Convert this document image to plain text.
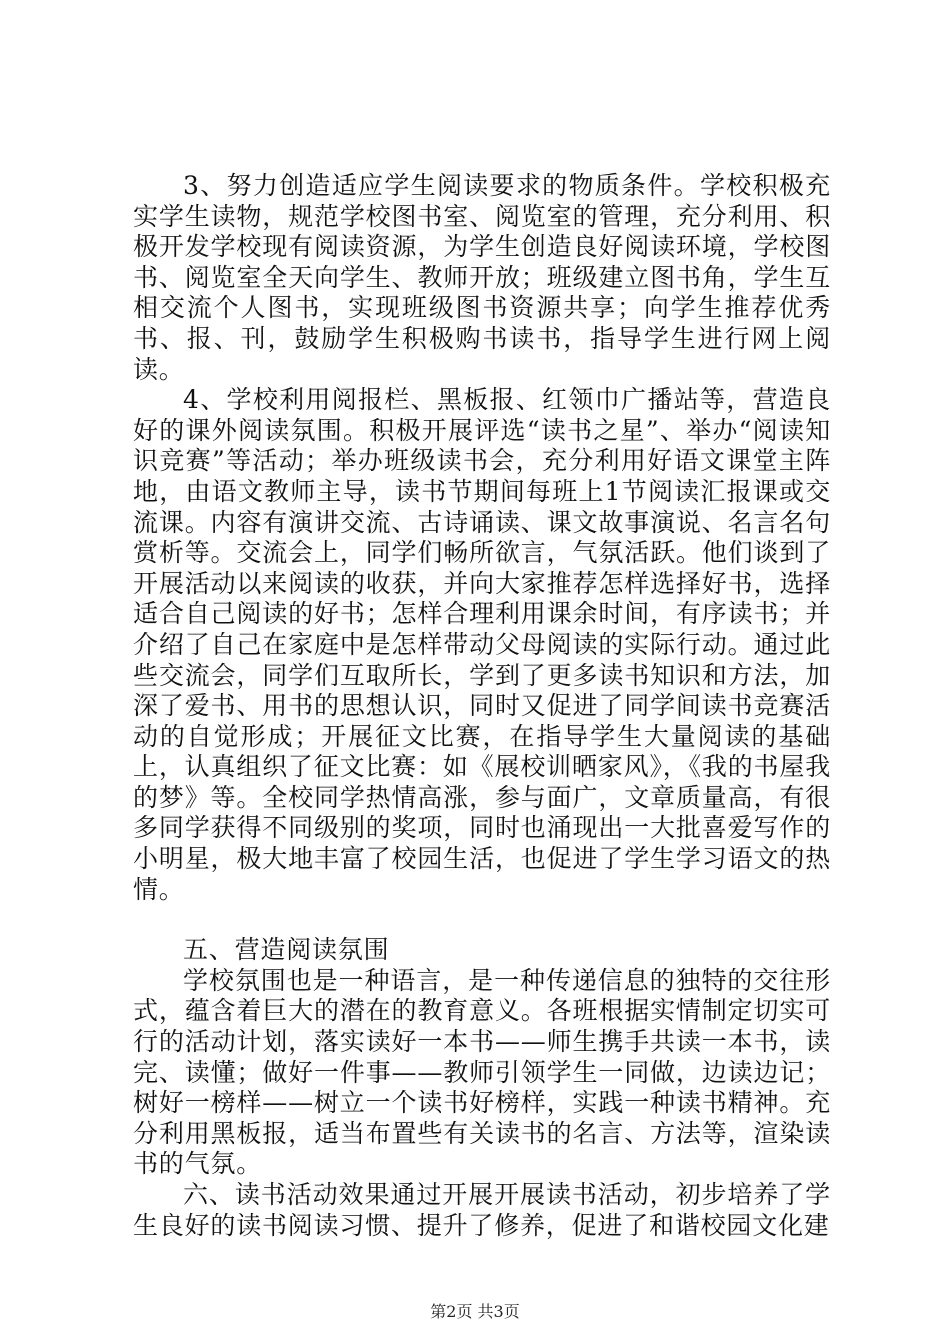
3、努力创造适应学生阅读要求的物质条件。学校积极充实学生读物，规范学校图书室、阅览室的管理，充分利用、积极开发学校现有阅读资源，为学生创造良好阅读环境，学校图书、阅览室全天向学生、教师开放；班级建立图书角，学生互相交流个人图书，实现班级图书资源共享；向学生推荐优秀书、报、刊，鼓励学生积极购书读书，指导学生进行网上阅读。

4、学校利用阅报栏、黑板报、红领巾广播站等，营造良好的课外阅读氛围。积极开展评选“读书之星”、举办“阅读知识竞赛”等活动；举办班级读书会，充分利用好语文课堂主阵地，由语文教师主导，读书节期间每班上1节阅读汇报课或交流课。内容有演讲交流、古诗诵读、课文故事演说、名言名句赏析等。交流会上，同学们畅所欲言，气氛活跃。他们谈到了开展活动以来阅读的收获，并向大家推荐怎样选择好书，选择适合自己阅读的好书；怎样合理利用课余时间，有序读书；并介绍了自己在家庭中是怎样带动父母阅读的实际行动。通过此些交流会，同学们互取所长，学到了更多读书知识和方法，加深了爱书、用书的思想认识，同时又促进了同学间读书竞赛活动的自觉形成；开展征文比赛，在指导学生大量阅读的基础上，认真组织了征文比赛：如《展校训晒家风》，《我的书屋我的梦》等。全校同学热情高涨，参与面广，文章质量高，有很多同学获得不同级别的奖项，同时也涌现出一大批喜爱写作的小明星，极大地丰富了校园生活，也促进了学生学习语文的热情。

五、营造阅读氛围

学校氛围也是一种语言，是一种传递信息的独特的交往形式，蕴含着巨大的潜在的教育意义。各班根据实情制定切实可行的活动计划，落实读好一本书——师生携手共读一本书，读完、读懂；做好一件事——教师引领学生一同做，边读边记；树好一榜样——树立一个读书好榜样，实践一种读书精神。充分利用黑板报，适当布置些有关读书的名言、方法等，渲染读书的气氛。

六、读书活动效果通过开展开展读书活动，初步培养了学生良好的读书阅读习惯、提升了修养，促进了和谐校园文化建

第2页 共3页
